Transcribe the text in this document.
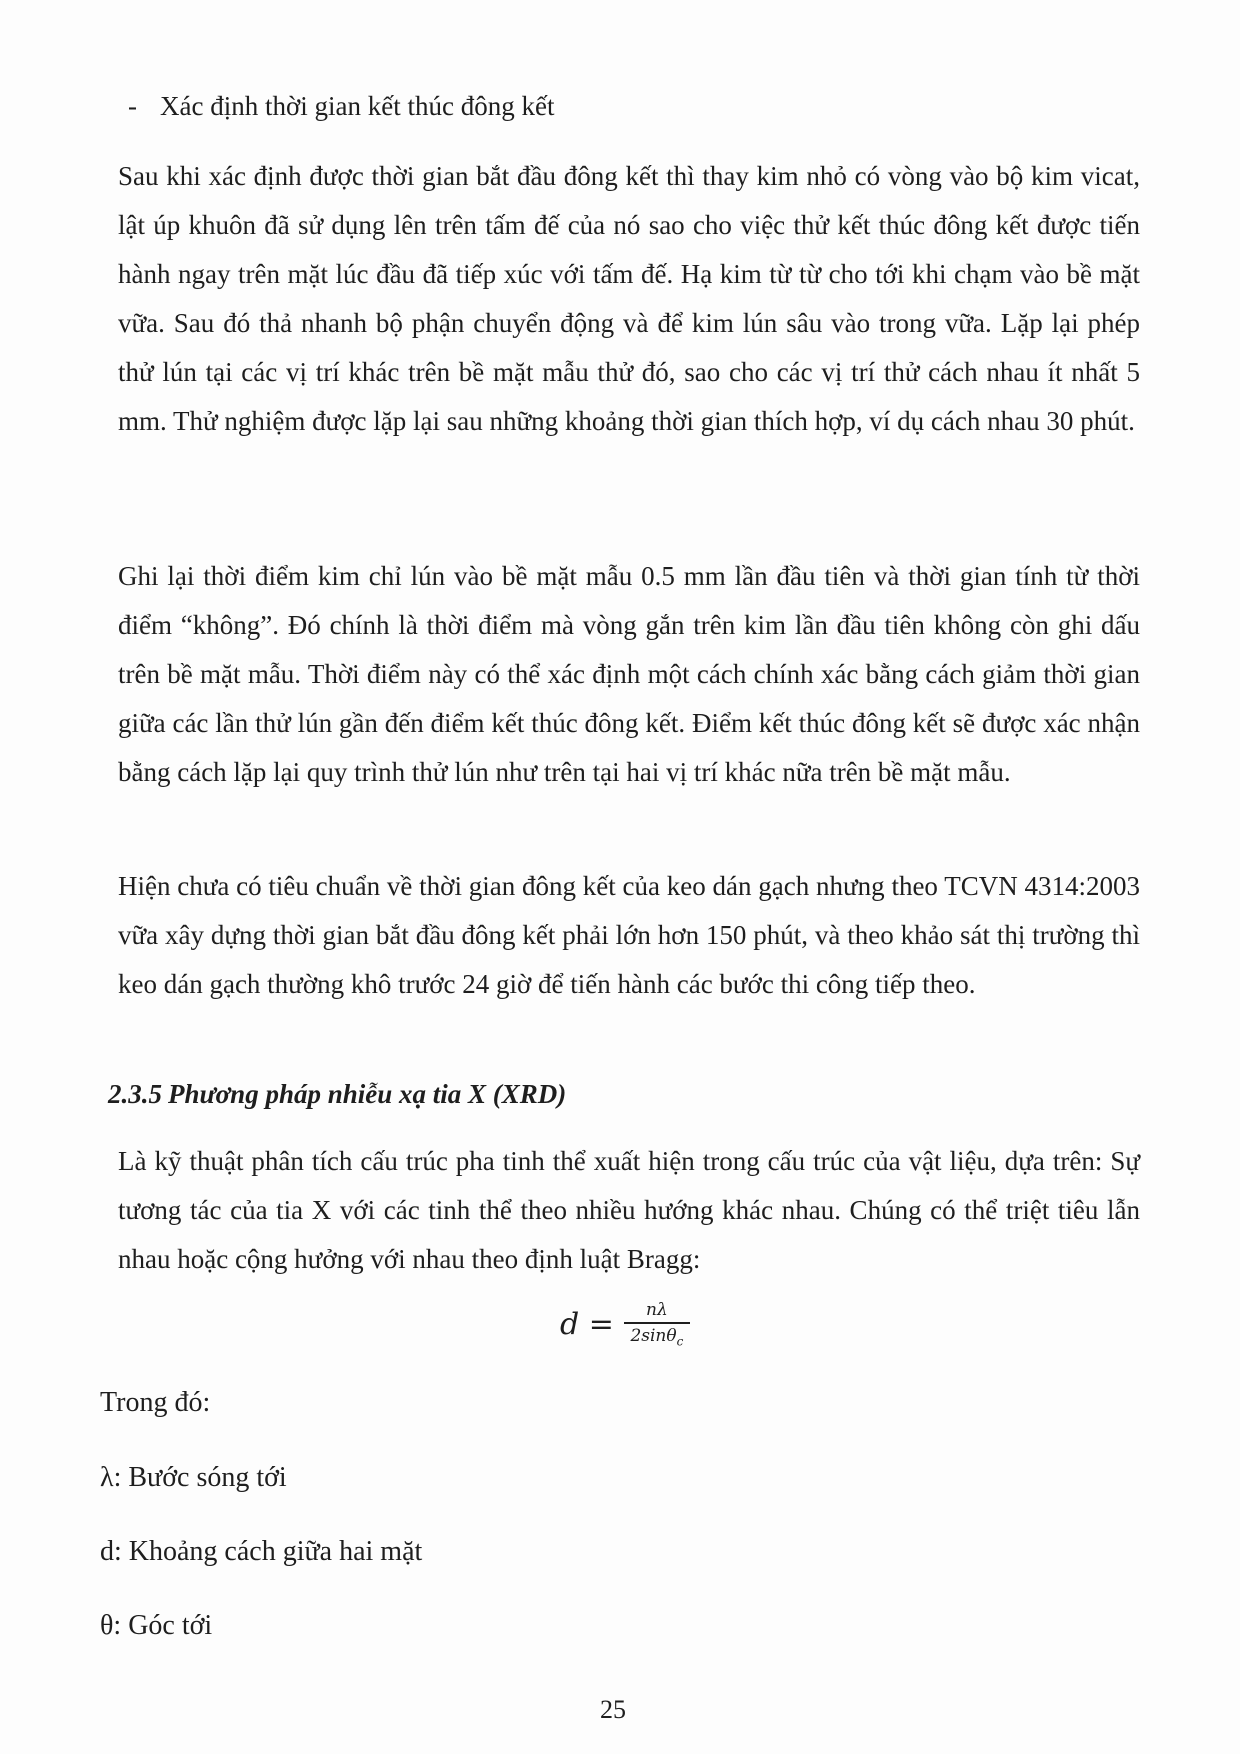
- Xác định thời gian kết thúc đông kết
Sau khi xác định được thời gian bắt đầu đông kết thì thay kim nhỏ có vòng vào bộ kim vicat, lật úp khuôn đã sử dụng lên trên tấm đế của nó sao cho việc thử kết thúc đông kết được tiến hành ngay trên mặt lúc đầu đã tiếp xúc với tấm đế. Hạ kim từ từ cho tới khi chạm vào bề mặt vữa. Sau đó thả nhanh bộ phận chuyển động và để kim lún sâu vào trong vữa. Lặp lại phép thử lún tại các vị trí khác trên bề mặt mẫu thử đó, sao cho các vị trí thử cách nhau ít nhất 5 mm. Thử nghiệm được lặp lại sau những khoảng thời gian thích hợp, ví dụ cách nhau 30 phút.
Ghi lại thời điểm kim chỉ lún vào bề mặt mẫu 0.5 mm lần đầu tiên và thời gian tính từ thời điểm “không”. Đó chính là thời điểm mà vòng gắn trên kim lần đầu tiên không còn ghi dấu trên bề mặt mẫu. Thời điểm này có thể xác định một cách chính xác bằng cách giảm thời gian giữa các lần thử lún gần đến điểm kết thúc đông kết. Điểm kết thúc đông kết sẽ được xác nhận bằng cách lặp lại quy trình thử lún như trên tại hai vị trí khác nữa trên bề mặt mẫu.
Hiện chưa có tiêu chuẩn về thời gian đông kết của keo dán gạch nhưng theo TCVN 4314:2003 vữa xây dựng thời gian bắt đầu đông kết phải lớn hơn 150 phút, và theo khảo sát thị trường thì keo dán gạch thường khô trước 24 giờ để tiến hành các bước thi công tiếp theo.
2.3.5 Phương pháp nhiễu xạ tia X (XRD)
Là kỹ thuật phân tích cấu trúc pha tinh thể xuất hiện trong cấu trúc của vật liệu, dựa trên: Sự tương tác của tia X với các tinh thể theo nhiều hướng khác nhau. Chúng có thể triệt tiêu lẫn nhau hoặc cộng hưởng với nhau theo định luật Bragg:
$d = \frac{n\lambda}{2\sin\theta_c}$
Trong đó:
λ: Bước sóng tới
d: Khoảng cách giữa hai mặt
θ: Góc tới
25
